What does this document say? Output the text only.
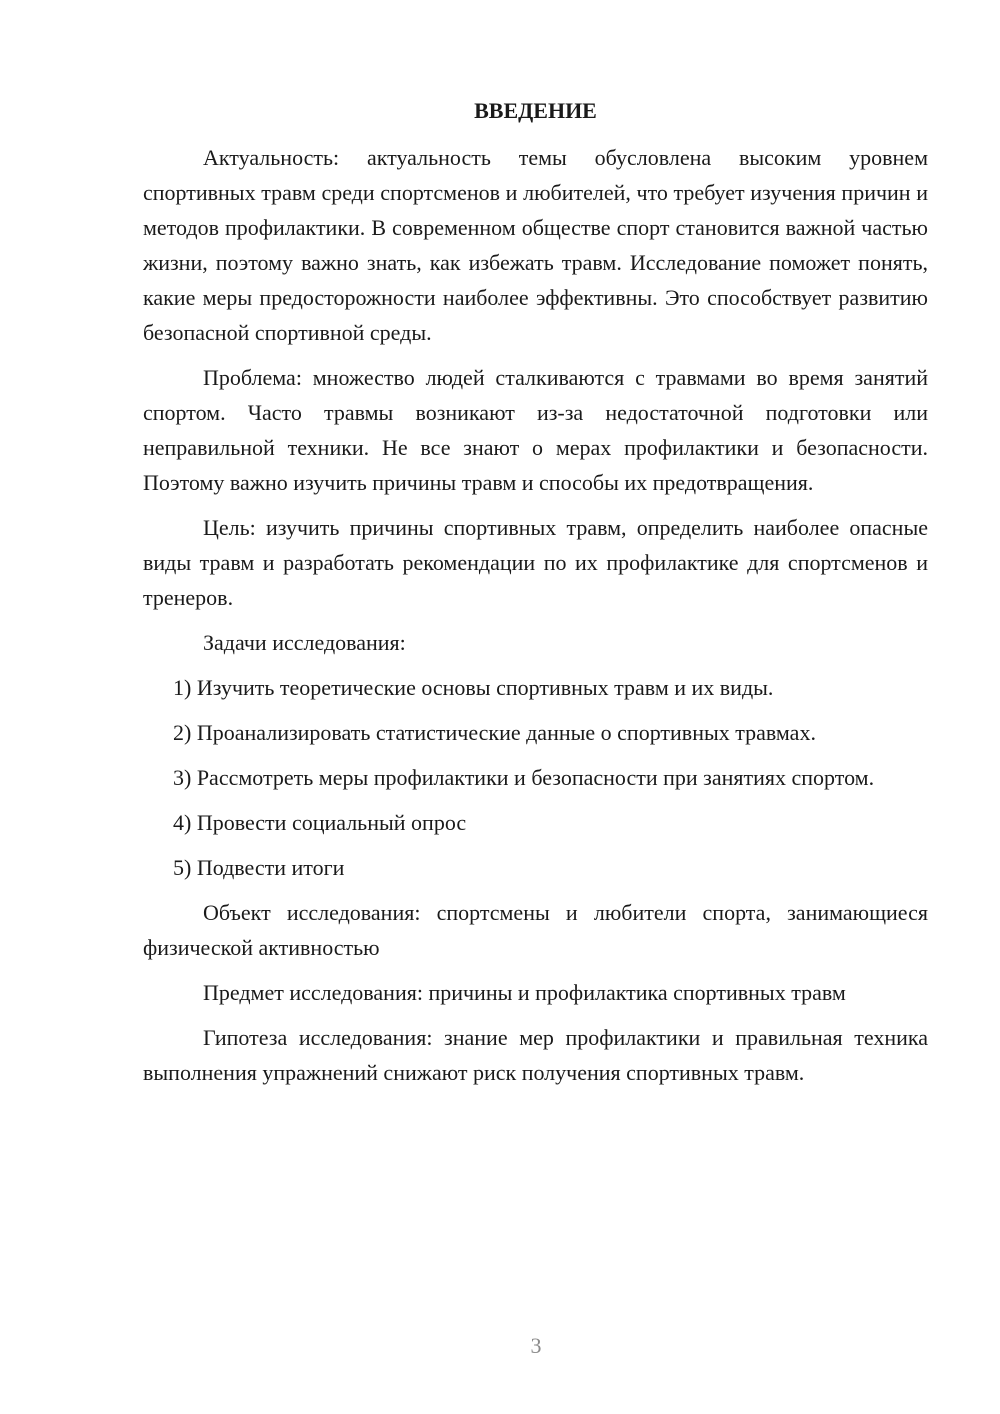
ВВЕДЕНИЕ

Актуальность: актуальность темы обусловлена высоким уровнем спортивных травм среди спортсменов и любителей, что требует изучения причин и методов профилактики. В современном обществе спорт становится важной частью жизни, поэтому важно знать, как избежать травм. Исследование поможет понять, какие меры предосторожности наиболее эффективны. Это способствует развитию безопасной спортивной среды.

Проблема: множество людей сталкиваются с травмами во время занятий спортом. Часто травмы возникают из-за недостаточной подготовки или неправильной техники. Не все знают о мерах профилактики и безопасности. Поэтому важно изучить причины травм и способы их предотвращения.

Цель: изучить причины спортивных травм, определить наиболее опасные виды травм и разработать рекомендации по их профилактике для спортсменов и тренеров.

Задачи исследования:

1) Изучить теоретические основы спортивных травм и их виды.

2) Проанализировать статистические данные о спортивных травмах.

3) Рассмотреть меры профилактики и безопасности при занятиях спортом.

4) Провести социальный опрос

5) Подвести итоги

Объект исследования: спортсмены и любители спорта, занимающиеся физической активностью

Предмет исследования: причины и профилактика спортивных травм

Гипотеза исследования: знание мер профилактики и правильная техника выполнения упражнений снижают риск получения спортивных травм.

3
